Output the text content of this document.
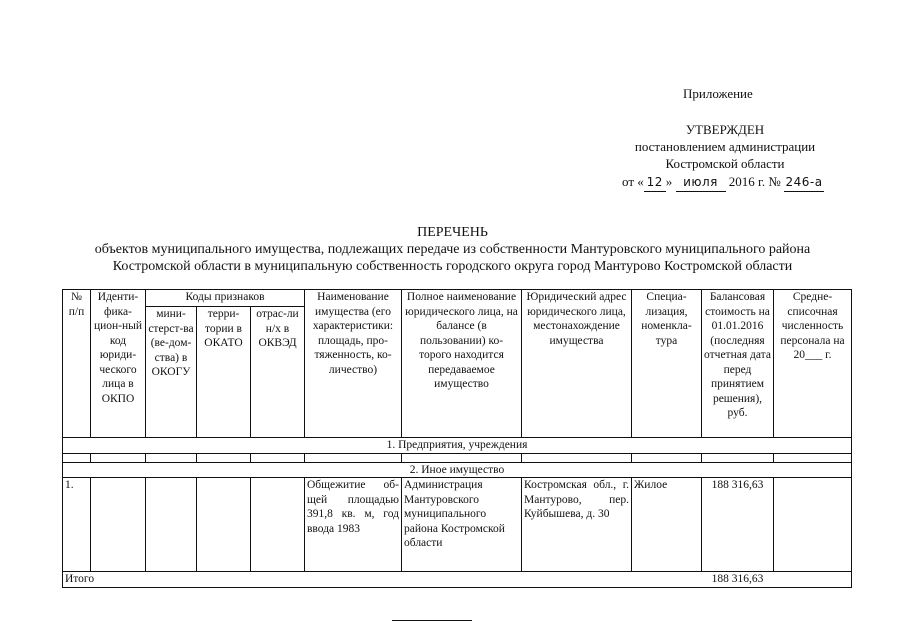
Приложение
УТВЕРЖДЕН
постановлением администрации
Костромской области
от « 12 » июля 2016 г. № 246-а
ПЕРЕЧЕНЬ
объектов муниципального имущества, подлежащих передаче из собственности Мантуровского муниципального района
Костромской области в муниципальную собственность городского округа город Мантурово Костромской области
№ п/п	Иденти-фика-цион-ный код юриди-ческого лица в ОКПО	Коды признаков			Наименование имущества (его характеристики: площадь, про-тяженность, ко-личество)	Полное наименование юридического лица, на балансе (в пользовании) ко-торого находится передаваемое имущество	Юридический адрес юридического лица, местонахождение имущества	Специа-лизация, номенкла-тура	Балансовая стоимость на 01.01.2016 (последняя отчетная дата перед принятием решения), руб.	Средне-списочная численность персонала на 20___ г.
		мини-стерст-ва (ве-дом-ства) в ОКОГУ	терри-тории в ОКАТО	отрас-ли н/х в ОКВЭД						
1. Предприятия, учреждения										

2. Иное имущество										
1.					Общежитие об-щей площадью 391,8 кв. м, год ввода 1983	Администрация Мантуровского муниципального района Костромской области	Костромская обл., г. Мантурово, пер. Куйбышева, д. 30	Жилое	188 316,63	
Итого									188 316,63	
